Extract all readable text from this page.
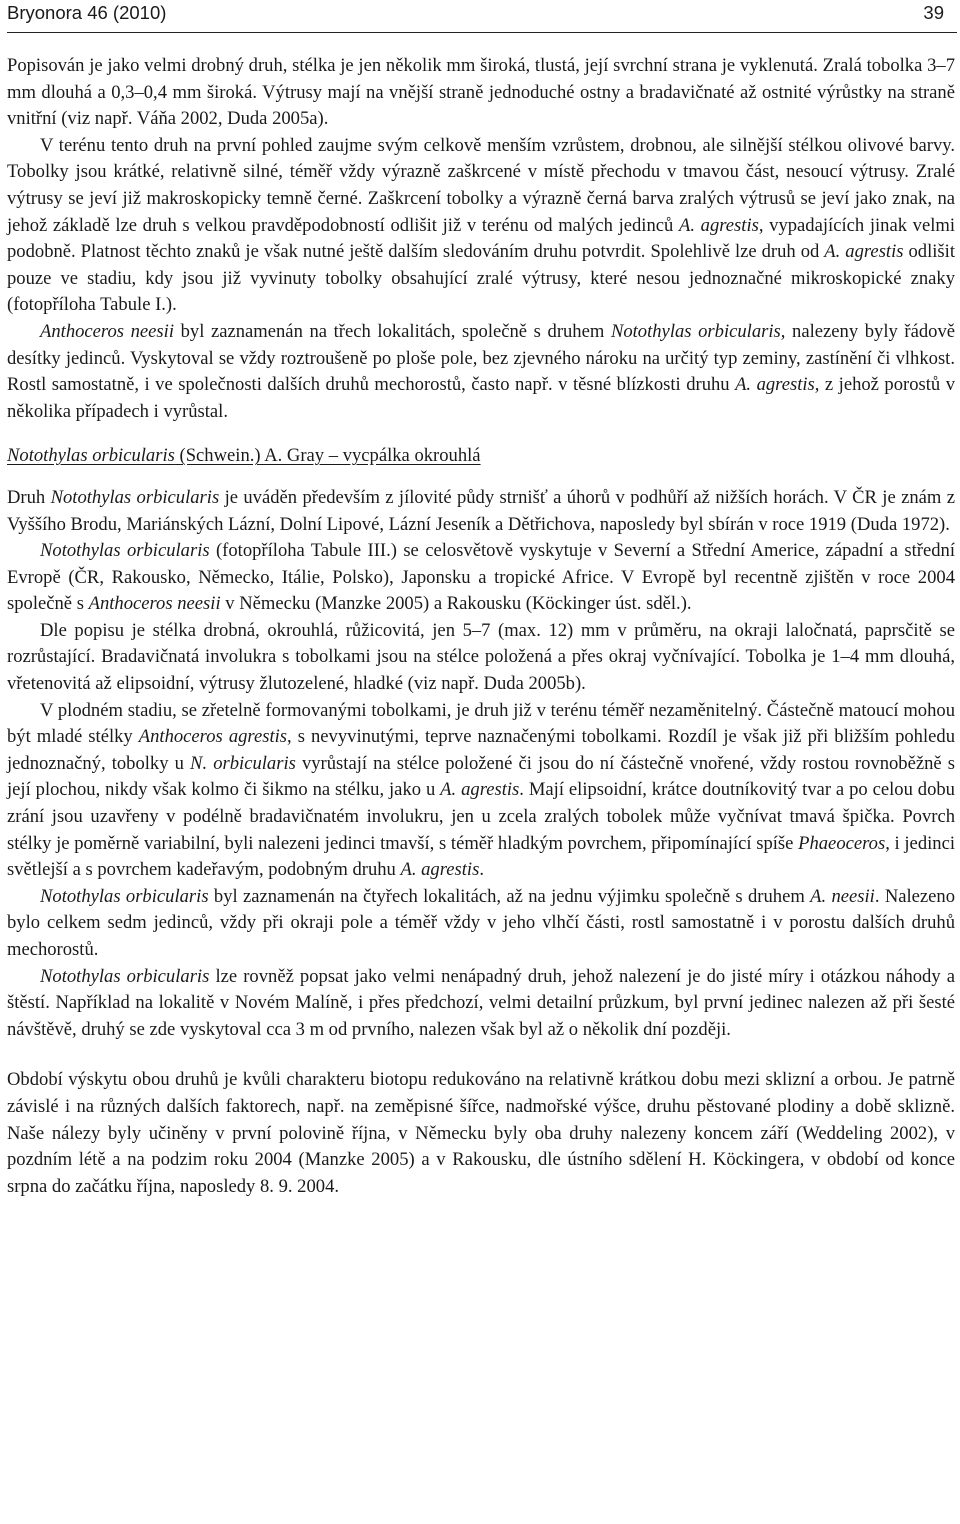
Bryonora 46 (2010)	39

Popisován je jako velmi drobný druh, stélka je jen několik mm široká, tlustá, její svrchní strana je vyklenutá. Zralá tobolka 3–7 mm dlouhá a 0,3–0,4 mm široká. Výtrusy mají na vnější straně jednoduché ostny a bradavičnaté až ostnité výrůstky na straně vnitřní (viz např. Váňa 2002, Duda 2005a).

V terénu tento druh na první pohled zaujme svým celkově menším vzrůstem, drobnou, ale silnější stélkou olivové barvy. Tobolky jsou krátké, relativně silné, téměř vždy výrazně zaškrcené v místě přechodu v tmavou část, nesoucí výtrusy. Zralé výtrusy se jeví již makroskopicky temně černé. Zaškrcení tobolky a výrazně černá barva zralých výtrusů se jeví jako znak, na jehož základě lze druh s velkou pravděpodobností odlišit již v terénu od malých jedinců A. agrestis, vypadajících jinak velmi podobně. Platnost těchto znaků je však nutné ještě dalším sledováním druhu potvrdit. Spolehlivě lze druh od A. agrestis odlišit pouze ve stadiu, kdy jsou již vyvinuty tobolky obsahující zralé výtrusy, které nesou jednoznačné mikroskopické znaky (fotopříloha Tabule I.).

Anthoceros neesii byl zaznamenán na třech lokalitách, společně s druhem Notothylas orbicularis, nalezeny byly řádově desítky jedinců. Vyskytoval se vždy roztroušeně po ploše pole, bez zjevného nároku na určitý typ zeminy, zastínění či vlhkost. Rostl samostatně, i ve společnosti dalších druhů mechorostů, často např. v těsné blízkosti druhu A. agrestis, z jehož porostů v několika případech i vyrůstal.

Notothylas orbicularis (Schwein.) A. Gray – vycpálka okrouhlá

Druh Notothylas orbicularis je uváděn především z jílovité půdy strnišť a úhorů v podhůří až nižších horách. V ČR je znám z Vyššího Brodu, Mariánských Lázní, Dolní Lipové, Lázní Jeseník a Dětřichova, naposledy byl sbírán v roce 1919 (Duda 1972).

Notothylas orbicularis (fotopříloha Tabule III.) se celosvětově vyskytuje v Severní a Střední Americe, západní a střední Evropě (ČR, Rakousko, Německo, Itálie, Polsko), Japonsku a tropické Africe. V Evropě byl recentně zjištěn v roce 2004 společně s Anthoceros neesii v Německu (Manzke 2005) a Rakousku (Köckinger úst. sděl.).

Dle popisu je stélka drobná, okrouhlá, růžicovitá, jen 5–7 (max. 12) mm v průměru, na okraji laločnatá, paprsčitě se rozrůstající. Bradavičnatá involukra s tobolkami jsou na stélce položená a přes okraj vyčnívající. Tobolka je 1–4 mm dlouhá, vřetenovitá až elipsoidní, výtrusy žlutozelené, hladké (viz např. Duda 2005b).

V plodném stadiu, se zřetelně formovanými tobolkami, je druh již v terénu téměř nezaměnitelný. Částečně matoucí mohou být mladé stélky Anthoceros agrestis, s nevyvinutými, teprve naznačenými tobolkami. Rozdíl je však již při bližším pohledu jednoznačný, tobolky u N. orbicularis vyrůstají na stélce položené či jsou do ní částečně vnořené, vždy rostou rovnoběžně s její plochou, nikdy však kolmo či šikmo na stélku, jako u A. agrestis. Mají elipsoidní, krátce doutníkovitý tvar a po celou dobu zrání jsou uzavřeny v podélně bradavičnatém involukru, jen u zcela zralých tobolek může vyčnívat tmavá špička. Povrch stélky je poměrně variabilní, byli nalezeni jedinci tmavší, s téměř hladkým povrchem, připomínající spíše Phaeoceros, i jedinci světlejší a s povrchem kadeřavým, podobným druhu A. agrestis.

Notothylas orbicularis byl zaznamenán na čtyřech lokalitách, až na jednu výjimku společně s druhem A. neesii. Nalezeno bylo celkem sedm jedinců, vždy při okraji pole a téměř vždy v jeho vlhčí části, rostl samostatně i v porostu dalších druhů mechorostů.

Notothylas orbicularis lze rovněž popsat jako velmi nenápadný druh, jehož nalezení je do jisté míry i otázkou náhody a štěstí. Například na lokalitě v Novém Malíně, i přes předchozí, velmi detailní průzkum, byl první jedinec nalezen až při šesté návštěvě, druhý se zde vyskytoval cca 3 m od prvního, nalezen však byl až o několik dní později.

Období výskytu obou druhů je kvůli charakteru biotopu redukováno na relativně krátkou dobu mezi sklizní a orbou. Je patrně závislé i na různých dalších faktorech, např. na zeměpisné šířce, nadmořské výšce, druhu pěstované plodiny a době sklizně. Naše nálezy byly učiněny v první polovině října, v Německu byly oba druhy nalezeny koncem září (Weddeling 2002), v pozdním létě a na podzim roku 2004 (Manzke 2005) a v Rakousku, dle ústního sdělení H. Köckingera, v období od konce srpna do začátku října, naposledy 8. 9. 2004.
